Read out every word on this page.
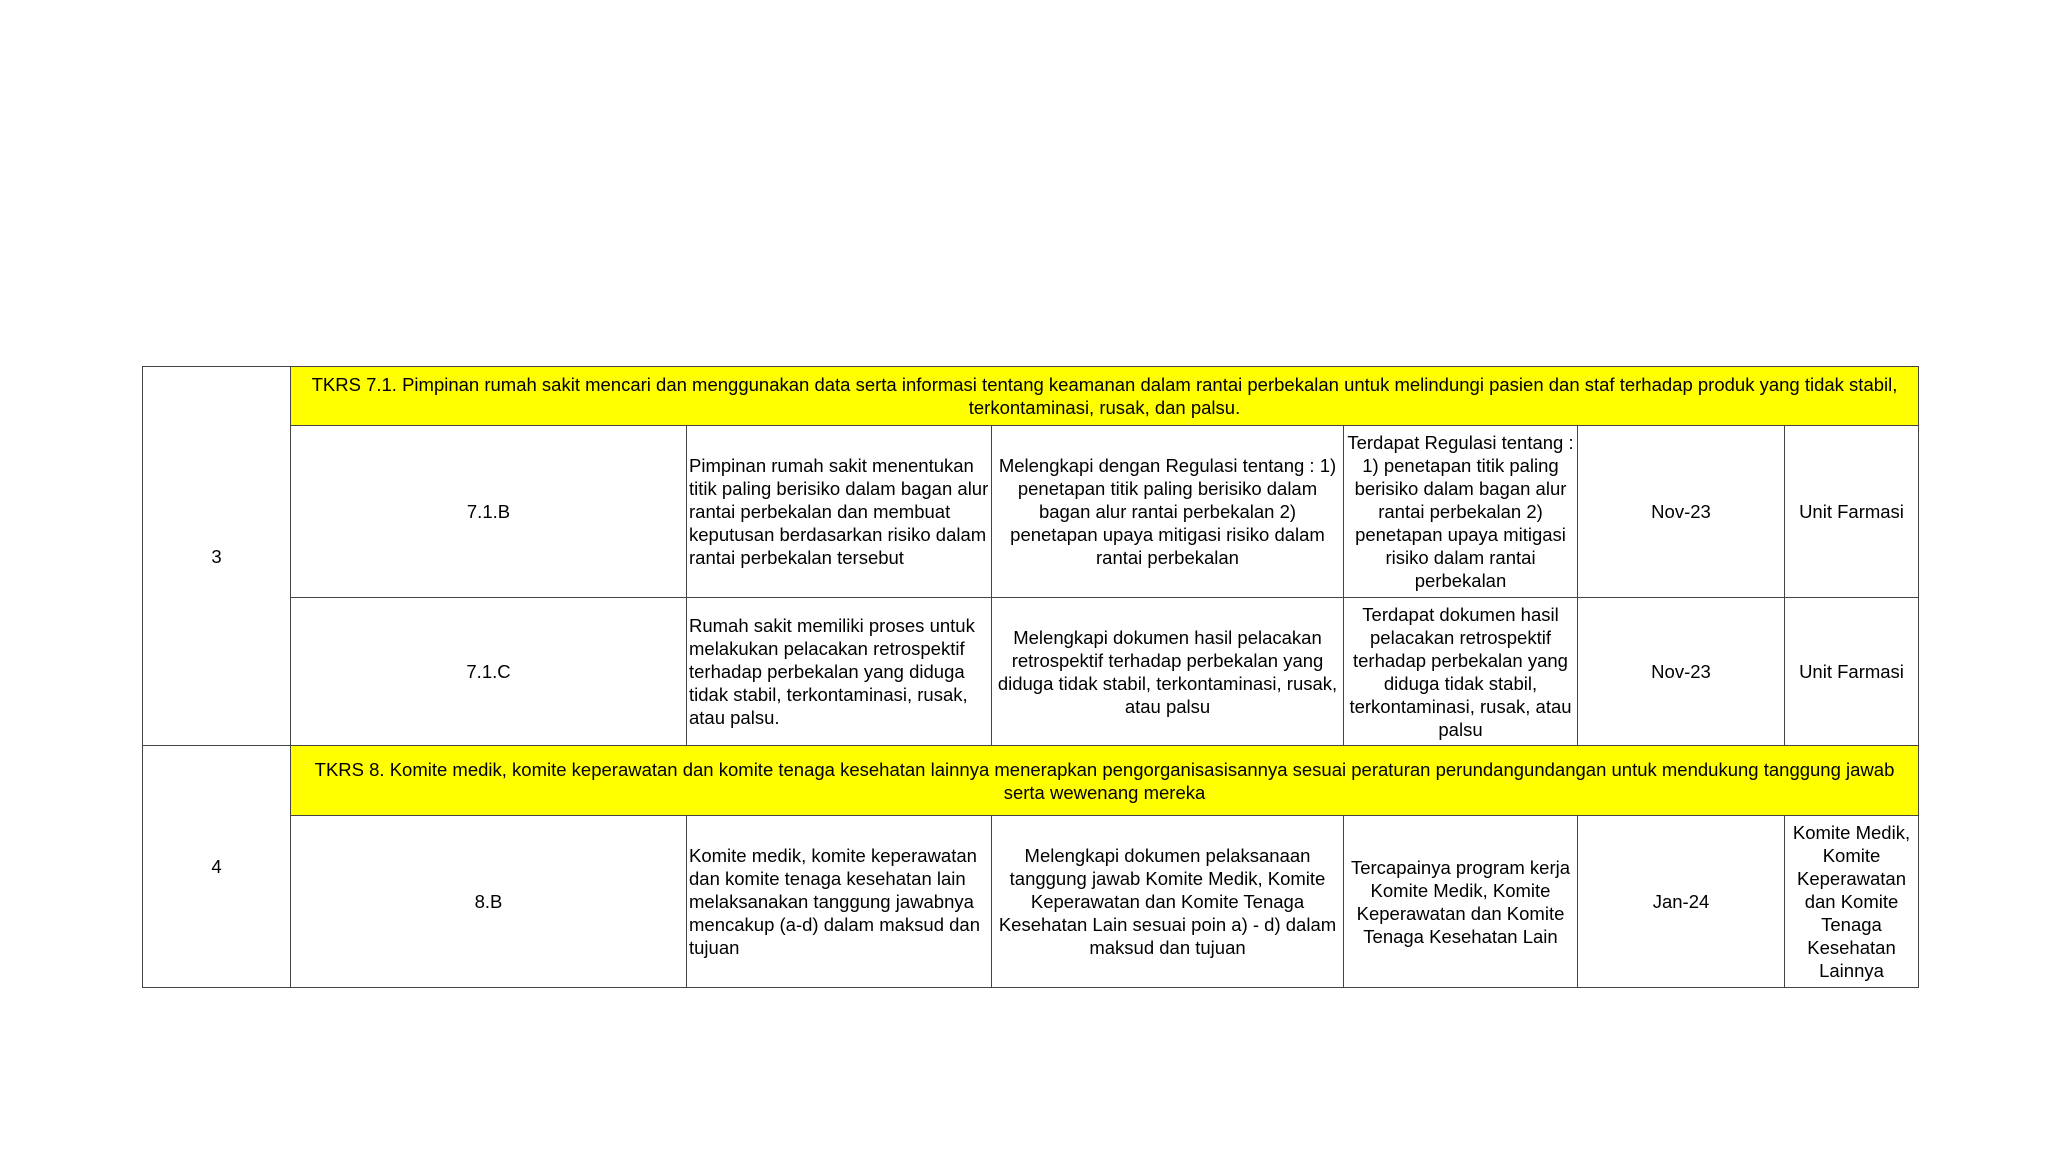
3	TKRS 7.1. Pimpinan rumah sakit mencari dan menggunakan data serta informasi tentang keamanan dalam rantai perbekalan untuk melindungi pasien dan staf terhadap produk yang tidak stabil, terkontaminasi, rusak, dan palsu.					
	7.1.B	Pimpinan rumah sakit menentukan titik paling berisiko dalam bagan alur rantai perbekalan dan membuat keputusan berdasarkan risiko dalam rantai perbekalan tersebut	Melengkapi dengan Regulasi tentang : 1) penetapan titik paling berisiko dalam bagan alur rantai perbekalan 2) penetapan upaya mitigasi risiko dalam rantai perbekalan	Terdapat Regulasi tentang : 1) penetapan titik paling berisiko dalam bagan alur rantai perbekalan 2) penetapan upaya mitigasi risiko dalam rantai perbekalan	Nov-23	Unit Farmasi
	7.1.C	Rumah sakit memiliki proses untuk melakukan pelacakan retrospektif terhadap perbekalan yang diduga tidak stabil, terkontaminasi, rusak, atau palsu.	Melengkapi dokumen hasil pelacakan retrospektif terhadap perbekalan yang diduga tidak stabil, terkontaminasi, rusak, atau palsu	Terdapat dokumen hasil pelacakan retrospektif terhadap perbekalan yang diduga tidak stabil, terkontaminasi, rusak, atau palsu	Nov-23	Unit Farmasi
4	TKRS 8. Komite medik, komite keperawatan dan komite tenaga kesehatan lainnya menerapkan pengorganisasisannya sesuai peraturan perundangundangan untuk mendukung tanggung jawab serta wewenang mereka					
	8.B	Komite medik, komite keperawatan dan komite tenaga kesehatan lain melaksanakan tanggung jawabnya mencakup (a-d) dalam maksud dan tujuan	Melengkapi dokumen pelaksanaan tanggung jawab Komite Medik, Komite Keperawatan dan Komite Tenaga Kesehatan Lain sesuai poin a) - d) dalam maksud dan tujuan	Tercapainya program kerja Komite Medik, Komite Keperawatan dan Komite Tenaga Kesehatan Lain	Jan-24	Komite Medik, Komite Keperawatan dan Komite Tenaga Kesehatan Lainnya
